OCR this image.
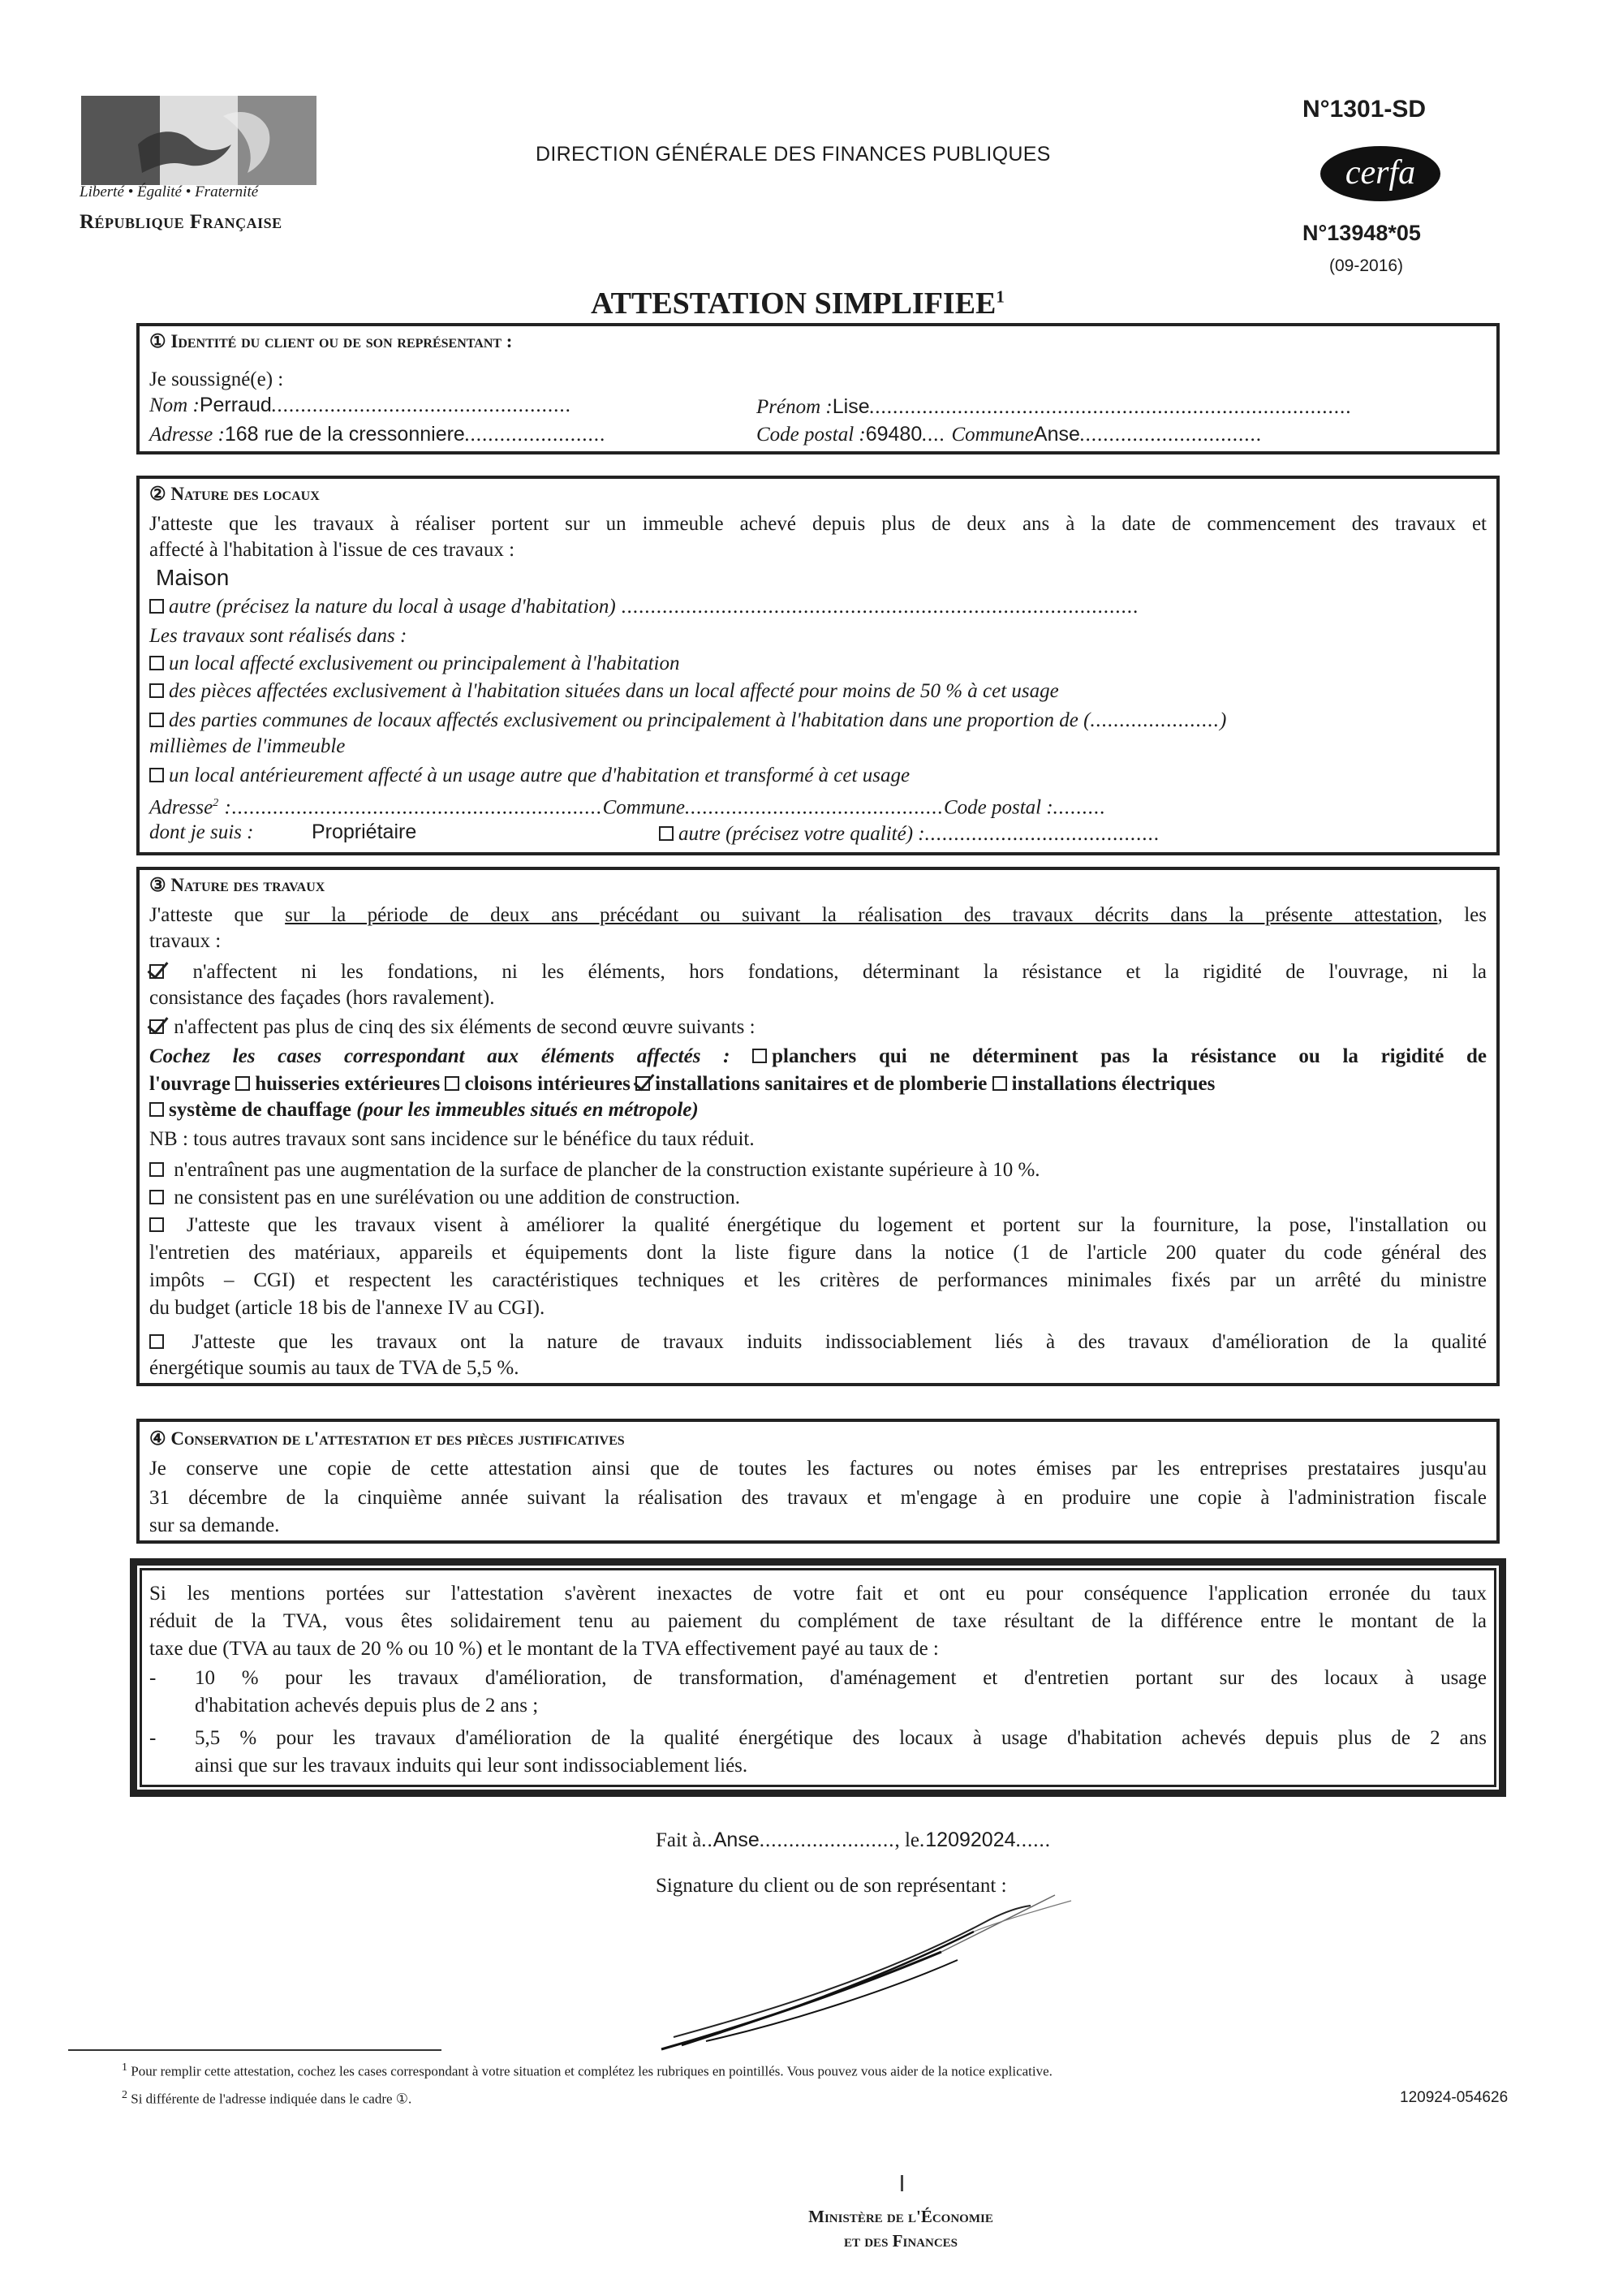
Liberté • Égalité • Fraternité
République Française
DIRECTION GÉNÉRALE DES FINANCES PUBLIQUES
N°1301-SD
cerfa
N°13948*05
(09-2016)
ATTESTATION SIMPLIFIEE$^1$
① Identité du client ou de son représentant :
Je soussigné(e) :
Nom :Perraud...................................................	Prénom :Lise..................................................................................
Adresse :168 rue de la cressonniere........................	Code postal :69480.... CommuneAnse...............................
② Nature des locaux
J'atteste que les travaux à réaliser portent sur un immeuble achevé depuis plus de deux ans à la date de commencement des travaux et
affecté à l'habitation à l'issue de ces travaux :
Maison
autre (précisez la nature du local à usage d'habitation) ........................................................................................
Les travaux sont réalisés dans :
un local affecté exclusivement ou principalement à l'habitation
des pièces affectées exclusivement à l'habitation situées dans un local affecté pour moins de 50 % à cet usage
des parties communes de locaux affectés exclusivement ou principalement à l'habitation dans une proportion de (......................)
millièmes de l'immeuble
un local antérieurement affecté à un usage autre que d'habitation et transformé à cet usage
Adresse$^2$ :...............................................................Commune............................................Code postal :.........
dont je suis :	Propriétaire	autre (précisez votre qualité) :........................................
③ Nature des travaux
J'atteste que sur la période de deux ans précédant ou suivant la réalisation des travaux décrits dans la présente attestation, les
travaux :
n'affectent ni les fondations, ni les éléments, hors fondations, déterminant la résistance et la rigidité de l'ouvrage, ni la
consistance des façades (hors ravalement).
n'affectent pas plus de cinq des six éléments de second œuvre suivants :
Cochez les cases correspondant aux éléments affectés : planchers qui ne déterminent pas la résistance ou la rigidité de
l'ouvrage huisseries extérieures cloisons intérieures installations sanitaires et de plomberie installations électriques
système de chauffage (pour les immeubles situés en métropole)
NB : tous autres travaux sont sans incidence sur le bénéfice du taux réduit.
n'entraînent pas une augmentation de la surface de plancher de la construction existante supérieure à 10 %.
ne consistent pas en une surélévation ou une addition de construction.
J'atteste que les travaux visent à améliorer la qualité énergétique du logement et portent sur la fourniture, la pose, l'installation ou
l'entretien des matériaux, appareils et équipements dont la liste figure dans la notice (1 de l'article 200 quater du code général des
impôts – CGI) et respectent les caractéristiques techniques et les critères de performances minimales fixés par un arrêté du ministre
du budget (article 18 bis de l'annexe IV au CGI).
J'atteste que les travaux ont la nature de travaux induits indissociablement liés à des travaux d'amélioration de la qualité
énergétique soumis au taux de TVA de 5,5 %.
④ Conservation de l'attestation et des pièces justificatives
Je conserve une copie de cette attestation ainsi que de toutes les factures ou notes émises par les entreprises prestataires jusqu'au
31 décembre de la cinquième année suivant la réalisation des travaux et m'engage à en produire une copie à l'administration fiscale
sur sa demande.
Si les mentions portées sur l'attestation s'avèrent inexactes de votre fait et ont eu pour conséquence l'application erronée du taux
réduit de la TVA, vous êtes solidairement tenu au paiement du complément de taxe résultant de la différence entre le montant de la
taxe due (TVA au taux de 20 % ou 10 %) et le montant de la TVA effectivement payé au taux de :
- 10 % pour les travaux d'amélioration, de transformation, d'aménagement et d'entretien portant sur des locaux à usage
d'habitation achevés depuis plus de 2 ans ;
- 5,5 % pour les travaux d'amélioration de la qualité énergétique des locaux à usage d'habitation achevés depuis plus de 2 ans
ainsi que sur les travaux induits qui leur sont indissociablement liés.
Fait à..Anse......................., le.12092024......
Signature du client ou de son représentant :
$^1$ Pour remplir cette attestation, cochez les cases correspondant à votre situation et complétez les rubriques en pointillés. Vous pouvez vous aider de la notice explicative.
$^2$ Si différente de l'adresse indiquée dans le cadre ①.	120924-054626
Ministère de l'Économie
et des Finances
